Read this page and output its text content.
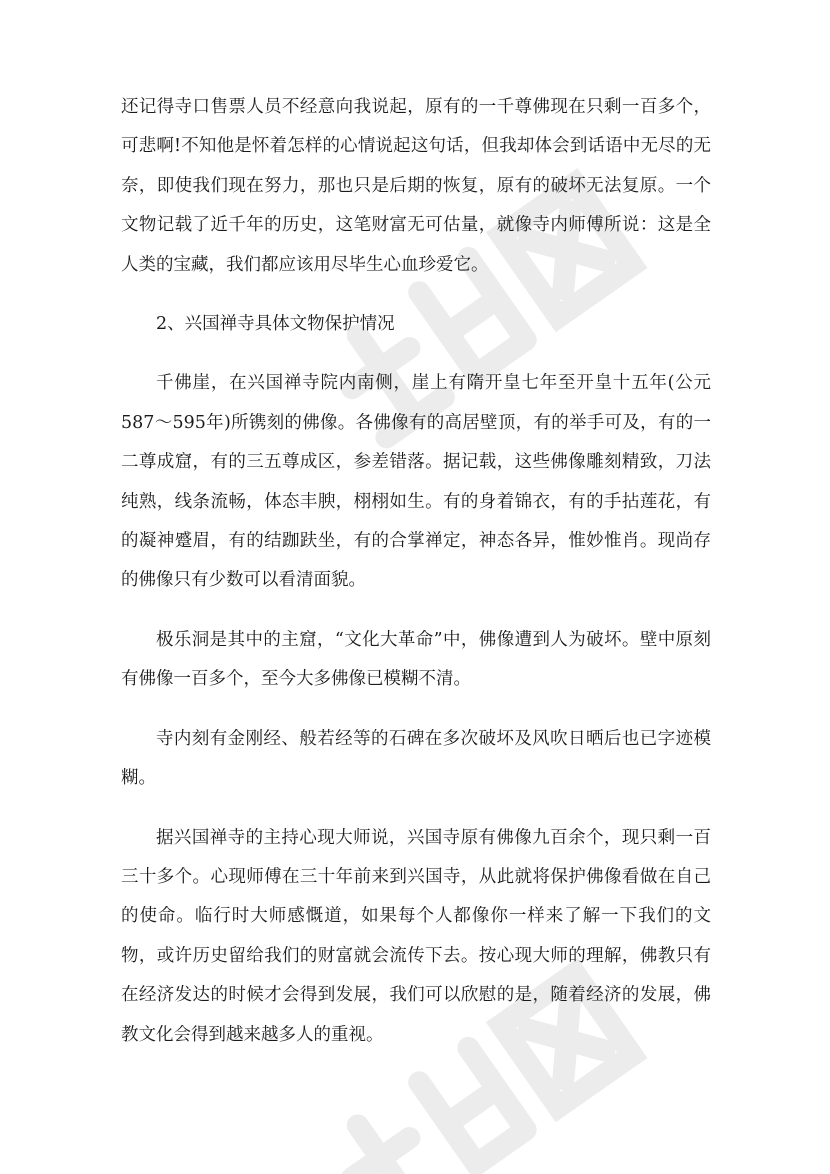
还记得寺口售票人员不经意向我说起，原有的一千尊佛现在只剩一百多个，可悲啊!不知他是怀着怎样的心情说起这句话，但我却体会到话语中无尽的无奈，即使我们现在努力，那也只是后期的恢复，原有的破坏无法复原。一个文物记载了近千年的历史，这笔财富无可估量，就像寺内师傅所说：这是全人类的宝藏，我们都应该用尽毕生心血珍爱它。

2、兴国禅寺具体文物保护情况

千佛崖，在兴国禅寺院内南侧，崖上有隋开皇七年至开皇十五年(公元587～595年)所镌刻的佛像。各佛像有的高居壁顶，有的举手可及，有的一二尊成窟，有的三五尊成区，参差错落。据记载，这些佛像雕刻精致，刀法纯熟，线条流畅，体态丰腴，栩栩如生。有的身着锦衣，有的手拈莲花，有的凝神蹙眉，有的结跏趺坐，有的合掌禅定，神态各异，惟妙惟肖。现尚存的佛像只有少数可以看清面貌。

极乐洞是其中的主窟，“文化大革命”中，佛像遭到人为破坏。壁中原刻有佛像一百多个，至今大多佛像已模糊不清。

寺内刻有金刚经、般若经等的石碑在多次破坏及风吹日晒后也已字迹模糊。

据兴国禅寺的主持心现大师说，兴国寺原有佛像九百余个，现只剩一百三十多个。心现师傅在三十年前来到兴国寺，从此就将保护佛像看做在自己的使命。临行时大师感慨道，如果每个人都像你一样来了解一下我们的文物，或许历史留给我们的财富就会流传下去。按心现大师的理解，佛教只有在经济发达的时候才会得到发展，我们可以欣慰的是，随着经济的发展，佛教文化会得到越来越多人的重视。
